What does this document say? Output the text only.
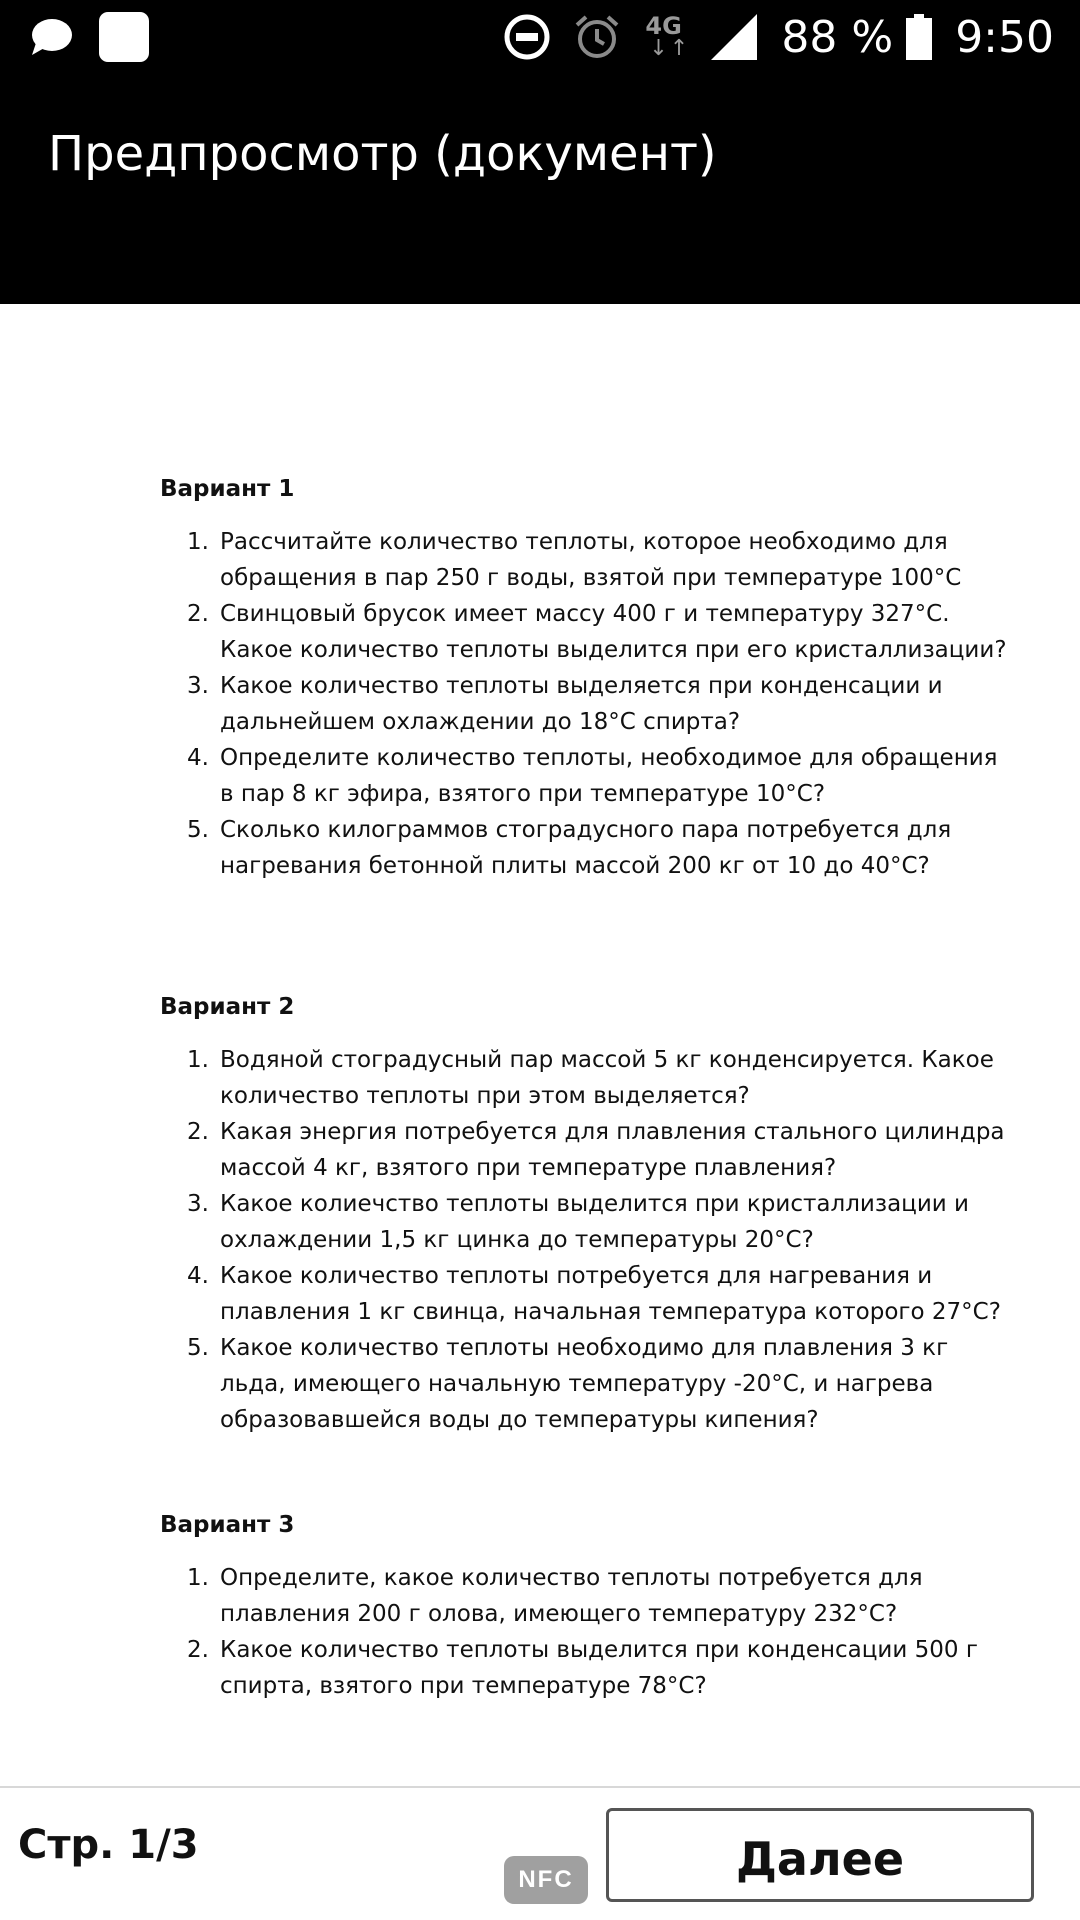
4G
↓↑ 88 % 9:50
Предпросмотр (документ)
Вариант 1
1. Рассчитайте количество теплоты, которое необходимо для обращения в пар 250 г воды, взятой при температуре 100°С
2. Свинцовый брусок имеет массу 400 г и температуру 327°С. Какое количество теплоты выделится при его кристаллизации?
3. Какое количество теплоты выделяется при конденсации и дальнейшем охлаждении до 18°С спирта?
4. Определите количество теплоты, необходимое для обращения в пар 8 кг эфира, взятого при температуре 10°С?
5. Сколько килограммов стоградусного пара потребуется для нагревания бетонной плиты массой 200 кг от 10 до 40°С?
Вариант 2
1. Водяной стоградусный пар массой 5 кг конденсируется. Какое количество теплоты при этом выделяется?
2. Какая энергия потребуется для плавления стального цилиндра массой 4 кг, взятого при температуре плавления?
3. Какое колиечство теплоты выделится при кристаллизации и охлаждении 1,5 кг цинка до температуры 20°С?
4. Какое количество теплоты потребуется для нагревания и плавления 1 кг свинца, начальная температура которого 27°С?
5. Какое количество теплоты необходимо для плавления 3 кг льда, имеющего начальную температуру -20°С, и нагрева образовавшейся воды до температуры кипения?
Вариант 3
1. Определите, какое количество теплоты потребуется для плавления 200 г олова, имеющего температуру 232°С?
2. Какое количество теплоты выделится при конденсации 500 г спирта, взятого при температуре 78°С?
Стр. 1/3
NFC	Далее
